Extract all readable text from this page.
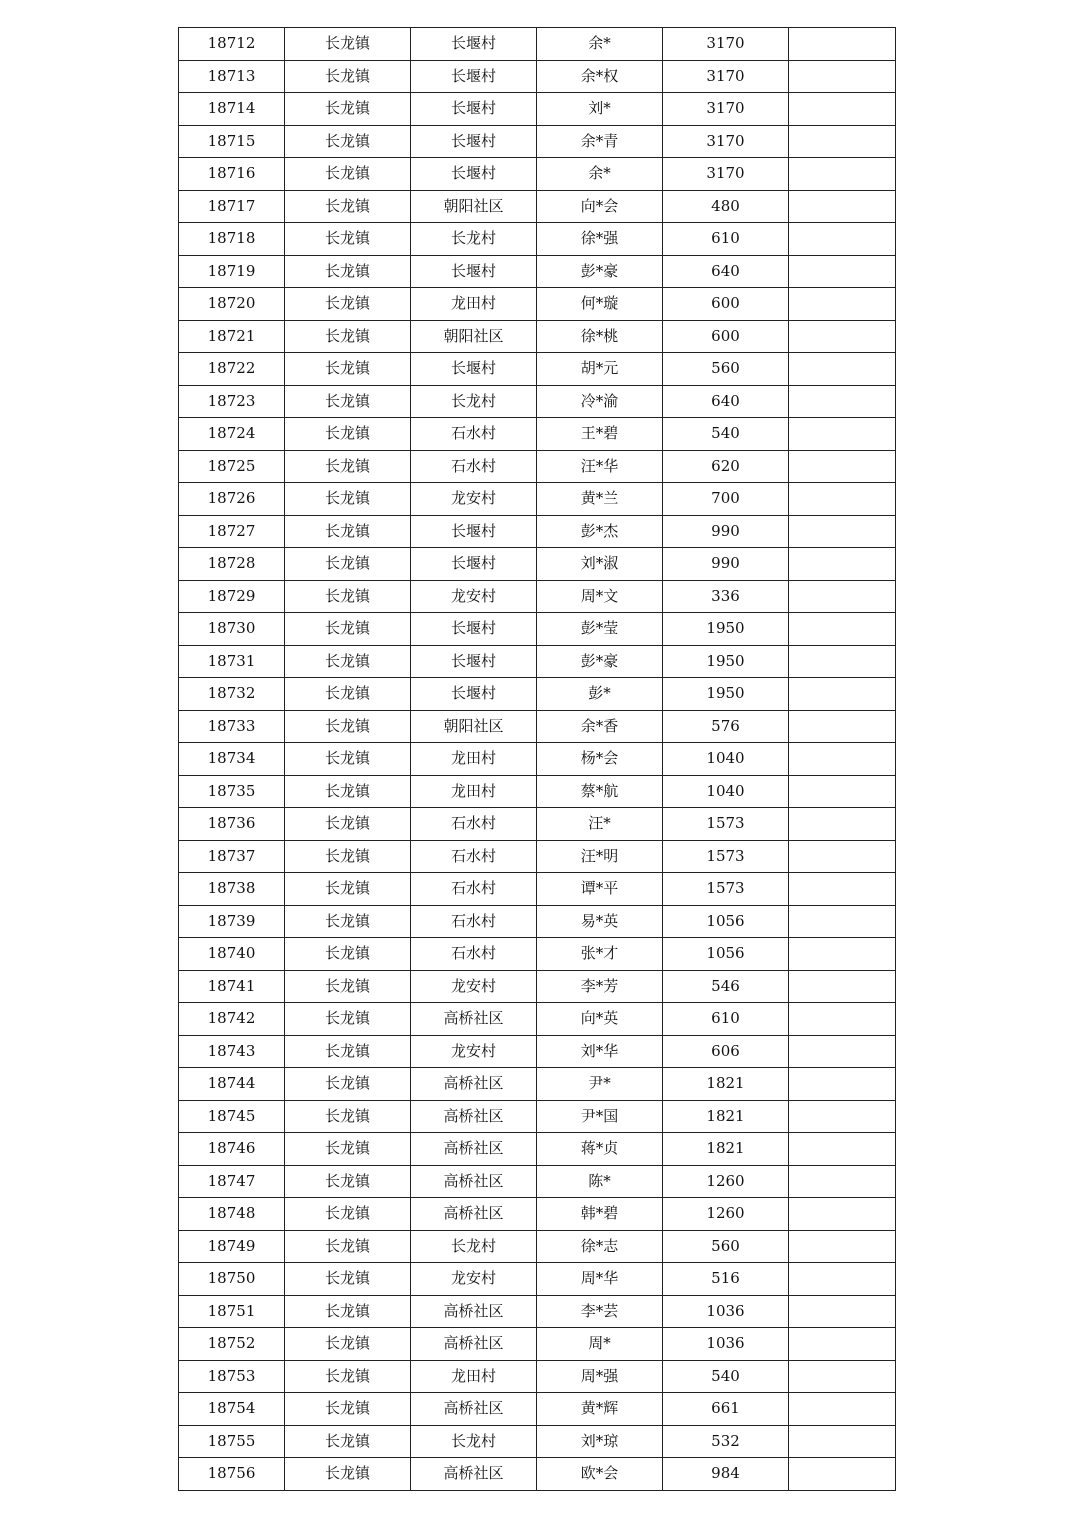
18712	长龙镇	长堰村	余*	3170	
18713	长龙镇	长堰村	余*权	3170	
18714	长龙镇	长堰村	刘*	3170	
18715	长龙镇	长堰村	余*青	3170	
18716	长龙镇	长堰村	余*	3170	
18717	长龙镇	朝阳社区	向*会	480	
18718	长龙镇	长龙村	徐*强	610	
18719	长龙镇	长堰村	彭*豪	640	
18720	长龙镇	龙田村	何*璇	600	
18721	长龙镇	朝阳社区	徐*桃	600	
18722	长龙镇	长堰村	胡*元	560	
18723	长龙镇	长龙村	冷*渝	640	
18724	长龙镇	石水村	王*碧	540	
18725	长龙镇	石水村	汪*华	620	
18726	长龙镇	龙安村	黄*兰	700	
18727	长龙镇	长堰村	彭*杰	990	
18728	长龙镇	长堰村	刘*淑	990	
18729	长龙镇	龙安村	周*文	336	
18730	长龙镇	长堰村	彭*莹	1950	
18731	长龙镇	长堰村	彭*豪	1950	
18732	长龙镇	长堰村	彭*	1950	
18733	长龙镇	朝阳社区	余*香	576	
18734	长龙镇	龙田村	杨*会	1040	
18735	长龙镇	龙田村	蔡*航	1040	
18736	长龙镇	石水村	汪*	1573	
18737	长龙镇	石水村	汪*明	1573	
18738	长龙镇	石水村	谭*平	1573	
18739	长龙镇	石水村	易*英	1056	
18740	长龙镇	石水村	张*才	1056	
18741	长龙镇	龙安村	李*芳	546	
18742	长龙镇	高桥社区	向*英	610	
18743	长龙镇	龙安村	刘*华	606	
18744	长龙镇	高桥社区	尹*	1821	
18745	长龙镇	高桥社区	尹*国	1821	
18746	长龙镇	高桥社区	蒋*贞	1821	
18747	长龙镇	高桥社区	陈*	1260	
18748	长龙镇	高桥社区	韩*碧	1260	
18749	长龙镇	长龙村	徐*志	560	
18750	长龙镇	龙安村	周*华	516	
18751	长龙镇	高桥社区	李*芸	1036	
18752	长龙镇	高桥社区	周*	1036	
18753	长龙镇	龙田村	周*强	540	
18754	长龙镇	高桥社区	黄*辉	661	
18755	长龙镇	长龙村	刘*琼	532	
18756	长龙镇	高桥社区	欧*会	984	
